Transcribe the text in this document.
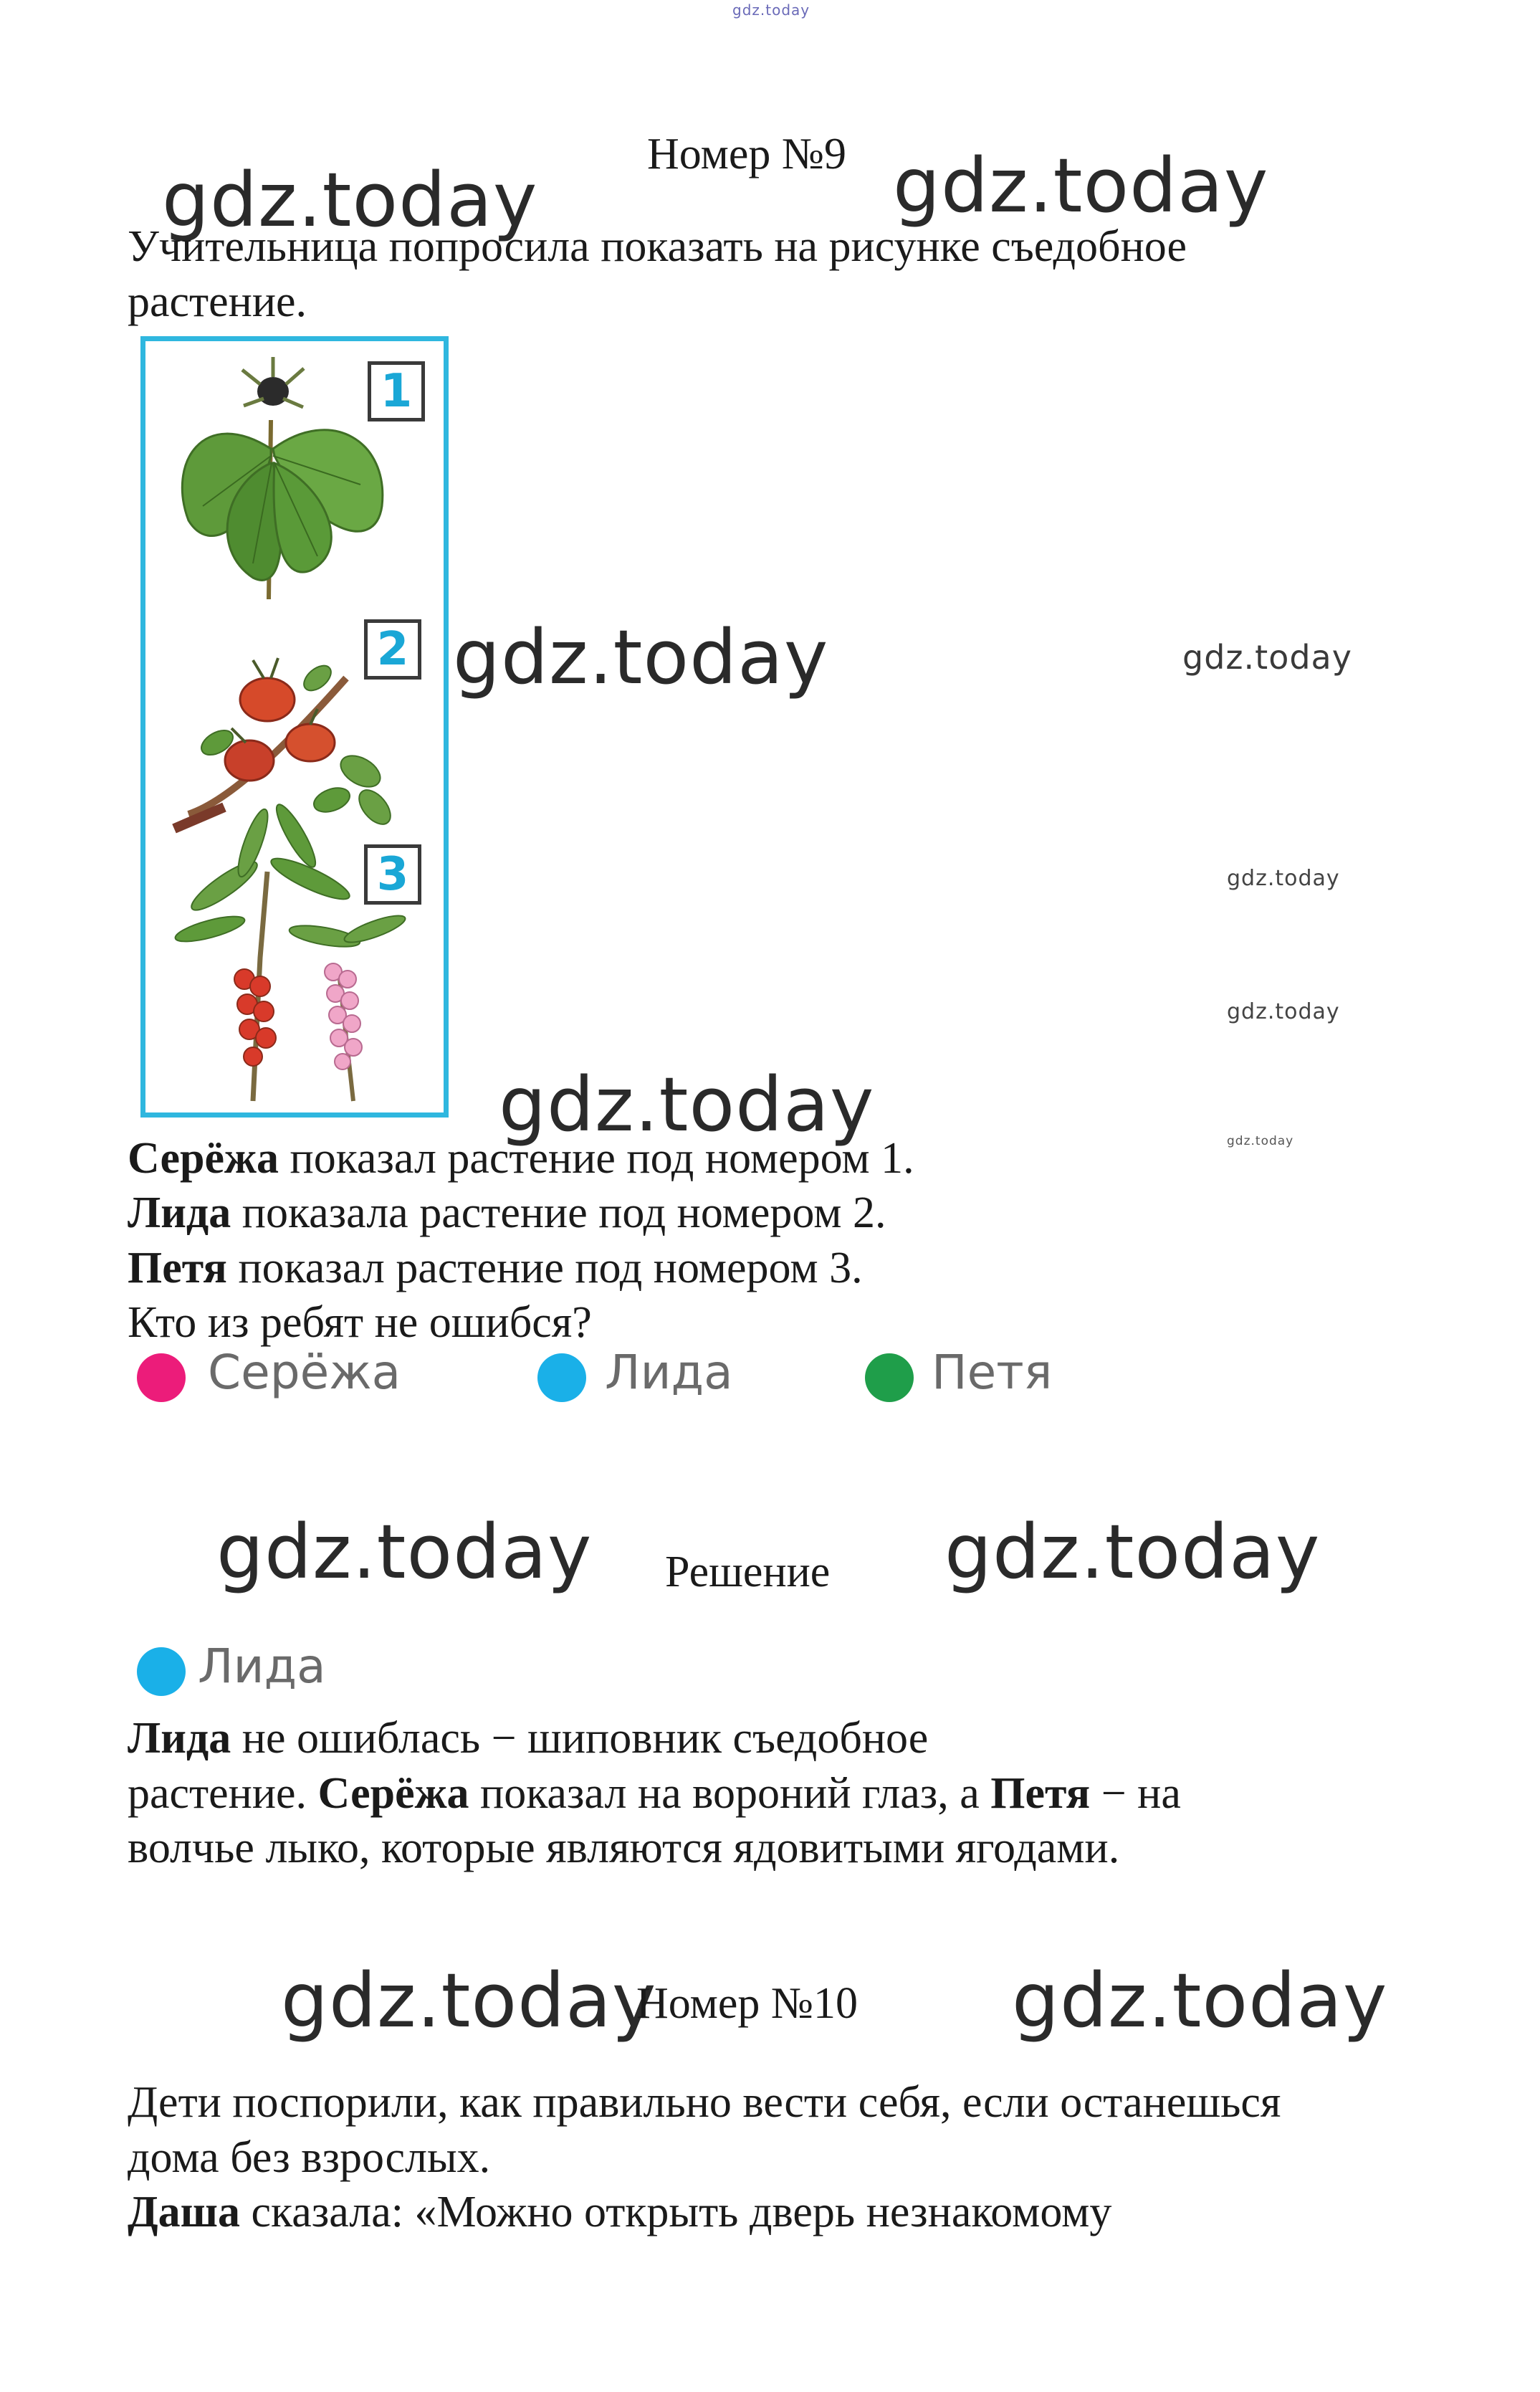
gdz.today
Номер №9
gdz.today	gdz.today
Учительница попросила показать на рисунке съедобное
растение.
1
2
3
gdz.today	gdz.today
gdz.today
gdz.today
gdz.today
gdz.today
Серёжа показал растение под номером 1.
Лида показала растение под номером 2.
Петя показал растение под номером 3.
Кто из ребят не ошибся?
Серёжа	Лида	Петя
gdz.today Решение gdz.today
Лида
Лида не ошиблась − шиповник съедобное
растение. Серёжа показал на вороний глаз, а Петя − на
волчье лыко, которые являются ядовитыми ягодами.
gdz.today
Номер №10 gdz.today
Дети поспорили, как правильно вести себя, если останешься
дома без взрослых.
Даша сказала: «Можно открыть дверь незнакомому
